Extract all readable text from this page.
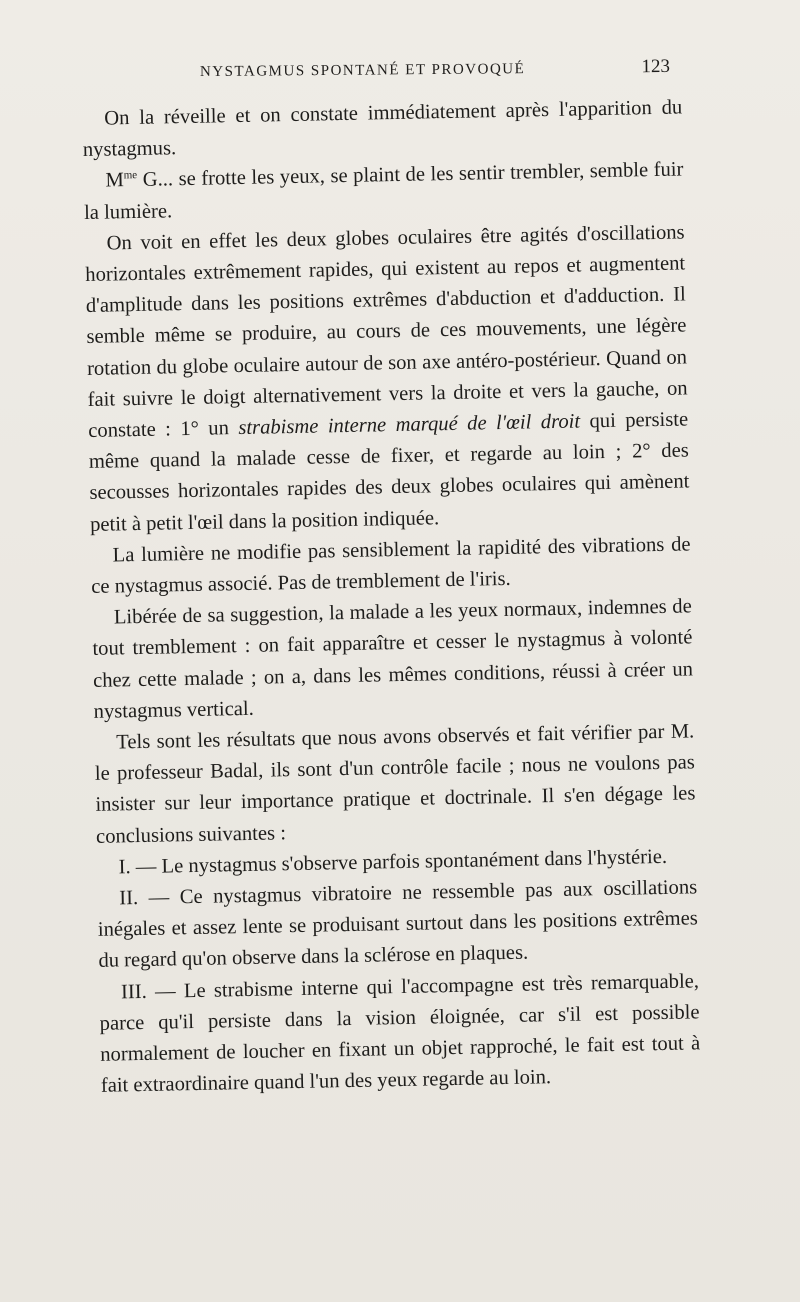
NYSTAGMUS SPONTANÉ ET PROVOQUÉ	123

On la réveille et on constate immédiatement après l'apparition du nystagmus.

$M^{me}$ G... se frotte les yeux, se plaint de les sentir trembler, semble fuir la lumière.

On voit en effet les deux globes oculaires être agités d'oscillations horizontales extrêmement rapides, qui existent au repos et augmentent d'amplitude dans les positions extrêmes d'abduction et d'adduction. Il semble même se produire, au cours de ces mouvements, une légère rotation du globe oculaire autour de son axe antéro-postérieur. Quand on fait suivre le doigt alternativement vers la droite et vers la gauche, on constate : 1° un strabisme interne marqué de l'œil droit qui persiste même quand la malade cesse de fixer, et regarde au loin ; 2° des secousses horizontales rapides des deux globes oculaires qui amènent petit à petit l'œil dans la position indiquée.

La lumière ne modifie pas sensiblement la rapidité des vibrations de ce nystagmus associé. Pas de tremblement de l'iris.

Libérée de sa suggestion, la malade a les yeux normaux, indemnes de tout tremblement : on fait apparaître et cesser le nystagmus à volonté chez cette malade ; on a, dans les mêmes conditions, réussi à créer un nystagmus vertical.

Tels sont les résultats que nous avons observés et fait vérifier par M. le professeur Badal, ils sont d'un contrôle facile ; nous ne voulons pas insister sur leur importance pratique et doctrinale. Il s'en dégage les conclusions suivantes :

I. — Le nystagmus s'observe parfois spontanément dans l'hystérie.

II. — Ce nystagmus vibratoire ne ressemble pas aux oscillations inégales et assez lente se produisant surtout dans les positions extrêmes du regard qu'on observe dans la sclérose en plaques.

III. — Le strabisme interne qui l'accompagne est très remarquable, parce qu'il persiste dans la vision éloignée, car s'il est possible normalement de loucher en fixant un objet rapproché, le fait est tout à fait extraordinaire quand l'un des yeux regarde au loin.
